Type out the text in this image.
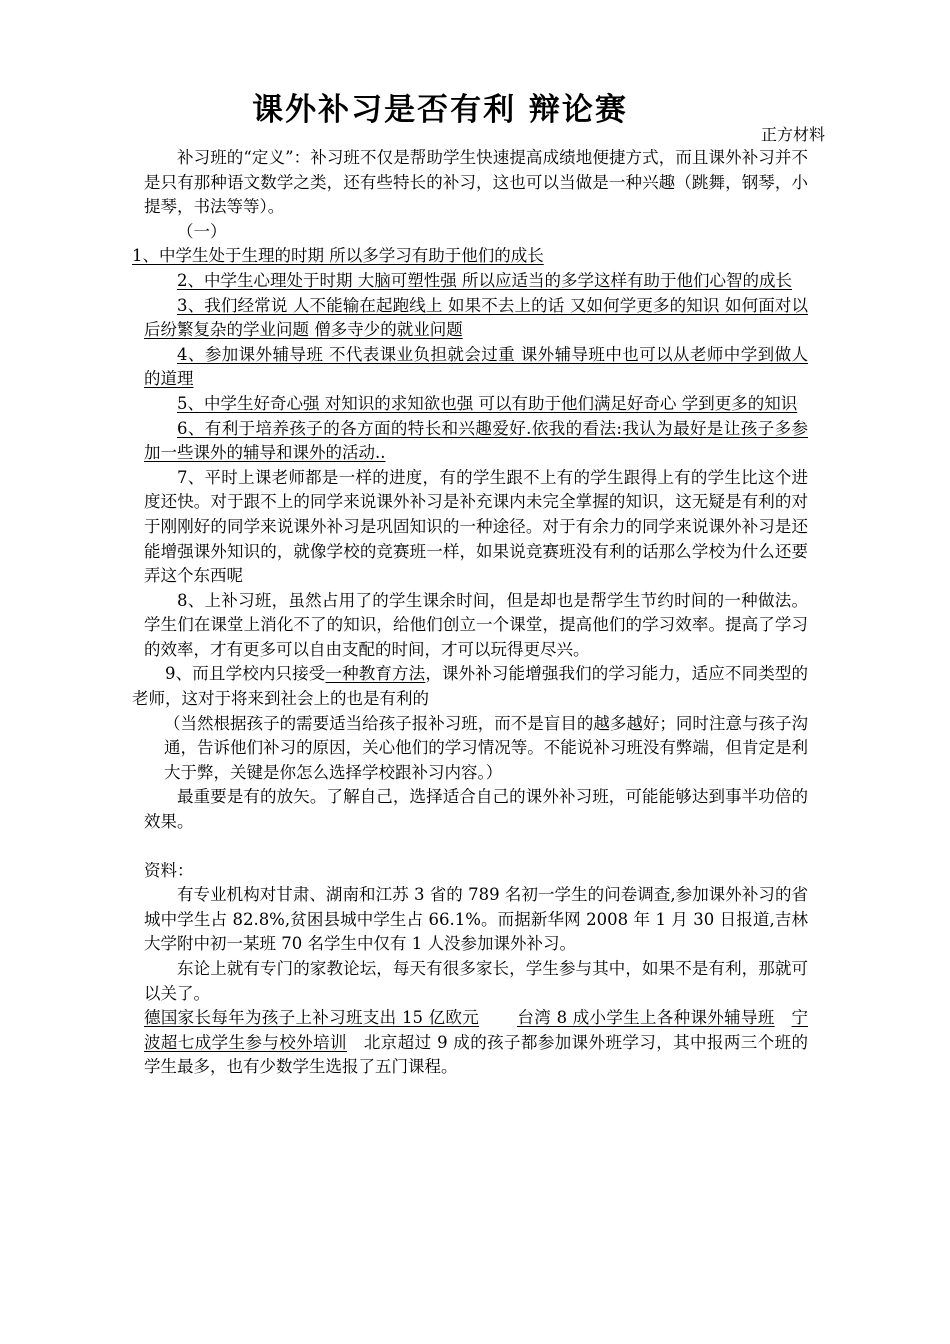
课外补习是否有利 辩论赛
正方材料

补习班的“定义”：补习班不仅是帮助学生快速提高成绩地便捷方式，而且课外补习并不是只有那种语文数学之类，还有些特长的补习，这也可以当做是一种兴趣（跳舞，钢琴，小提琴，书法等等）。

（一）

1、中学生处于生理的时期 所以多学习有助于他们的成长

2、中学生心理处于时期 大脑可塑性强 所以应适当的多学这样有助于他们心智的成长

3、我们经常说 人不能输在起跑线上 如果不去上的话 又如何学更多的知识 如何面对以后纷繁复杂的学业问题 僧多寺少的就业问题

4、参加课外辅导班 不代表课业负担就会过重 课外辅导班中也可以从老师中学到做人的道理

5、中学生好奇心强 对知识的求知欲也强 可以有助于他们满足好奇心 学到更多的知识

6、有利于培养孩子的各方面的特长和兴趣爱好.依我的看法:我认为最好是让孩子多参加一些课外的辅导和课外的活动..

7、平时上课老师都是一样的进度，有的学生跟不上有的学生跟得上有的学生比这个进度还快。对于跟不上的同学来说课外补习是补充课内未完全掌握的知识，这无疑是有利的对于刚刚好的同学来说课外补习是巩固知识的一种途径。对于有余力的同学来说课外补习是还能增强课外知识的，就像学校的竞赛班一样，如果说竞赛班没有利的话那么学校为什么还要弄这个东西呢

8、上补习班，虽然占用了的学生课余时间，但是却也是帮学生节约时间的一种做法。学生们在课堂上消化不了的知识，给他们创立一个课堂，提高他们的学习效率。提高了学习的效率，才有更多可以自由支配的时间，才可以玩得更尽兴。

9、而且学校内只接受一种教育方法，课外补习能增强我们的学习能力，适应不同类型的老师，这对于将来到社会上的也是有利的

（当然根据孩子的需要适当给孩子报补习班，而不是盲目的越多越好；同时注意与孩子沟通，告诉他们补习的原因，关心他们的学习情况等。不能说补习班没有弊端，但肯定是利大于弊，关键是你怎么选择学校跟补习内容。）

最重要是有的放矢。了解自己，选择适合自己的课外补习班，可能能够达到事半功倍的效果。

资料：

有专业机构对甘肃、湖南和江苏 3 省的 789 名初一学生的问卷调查,参加课外补习的省城中学生占 82.8%,贫困县城中学生占 66.1%。而据新华网 2008 年 1 月 30 日报道,吉林大学附中初一某班 70 名学生中仅有 1 人没参加课外补习。

东论上就有专门的家教论坛，每天有很多家长，学生参与其中，如果不是有利，那就可以关了。

德国家长每年为孩子上补习班支出 15 亿欧元 台湾 8 成小学生上各种课外辅导班　 宁波超七成学生参与校外培训　 北京超过 9 成的孩子都参加课外班学习，其中报两三个班的学生最多，也有少数学生选报了五门课程。
